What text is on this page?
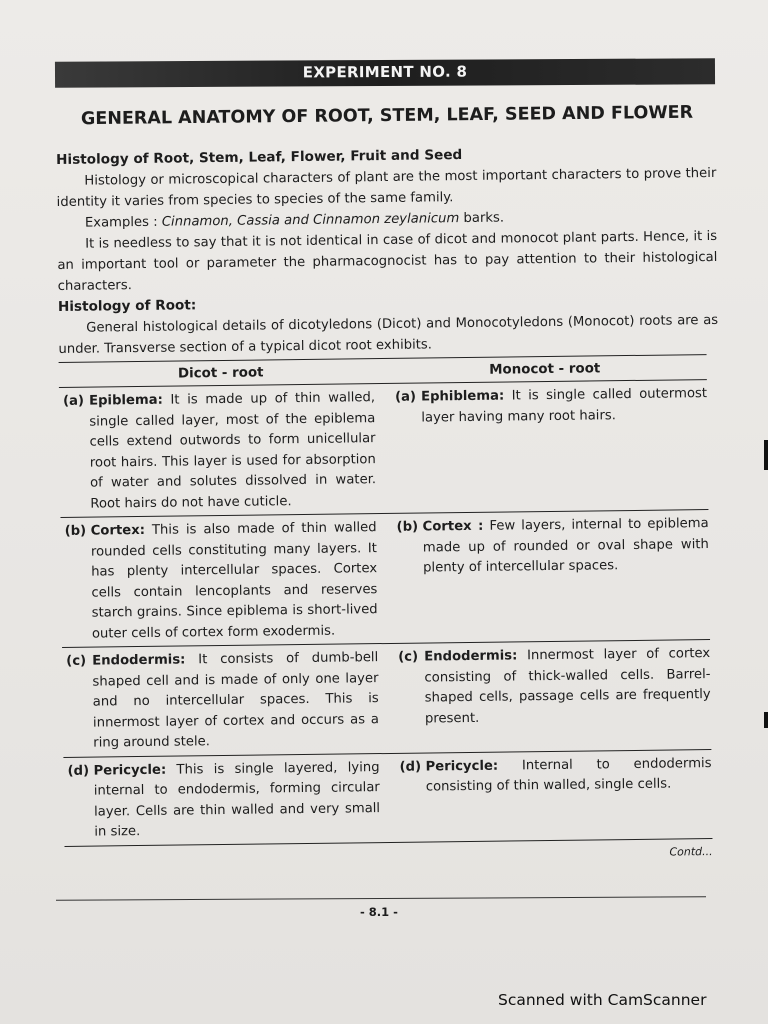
EXPERIMENT NO. 8
GENERAL ANATOMY OF ROOT, STEM, LEAF, SEED AND FLOWER
Histology of Root, Stem, Leaf, Flower, Fruit and Seed

Histology or microscopical characters of plant are the most important characters to prove their identity it varies from species to species of the same family.

Examples : Cinnamon, Cassia and Cinnamon zeylanicum barks.

It is needless to say that it is not identical in case of dicot and monocot plant parts. Hence, it is an important tool or parameter the pharmacognocist has to pay attention to their histological characters.

Histology of Root:

General histological details of dicotyledons (Dicot) and Monocotyledons (Monocot) roots are as under. Transverse section of a typical dicot root exhibits.

Dicot - root	Monocot - root
(a) Epiblema: It is made up of thin walled, single called layer, most of the epiblema cells extend outwords to form unicellular root hairs. This layer is used for absorption of water and solutes dissolved in water. Root hairs do not have cuticle.
(a) Ephiblema: It is single called outermost layer having many root hairs.
(b) Cortex: This is also made of thin walled rounded cells constituting many layers. It has plenty intercellular spaces. Cortex cells contain lencoplants and reserves starch grains. Since epiblema is short-lived outer cells of cortex form exodermis.
(b) Cortex : Few layers, internal to epiblema made up of rounded or oval shape with plenty of intercellular spaces.
(c) Endodermis: It consists of dumb-bell shaped cell and is made of only one layer and no intercellular spaces. This is innermost layer of cortex and occurs as a ring around stele.
(c) Endodermis: Innermost layer of cortex consisting of thick-walled cells. Barrel-shaped cells, passage cells are frequently present.
(d) Pericycle: This is single layered, lying internal to endodermis, forming circular layer. Cells are thin walled and very small in size.
(d) Pericycle: Internal to endodermis consisting of thin walled, single cells.
Contd...
- 8.1 -
Scanned with CamScanner
